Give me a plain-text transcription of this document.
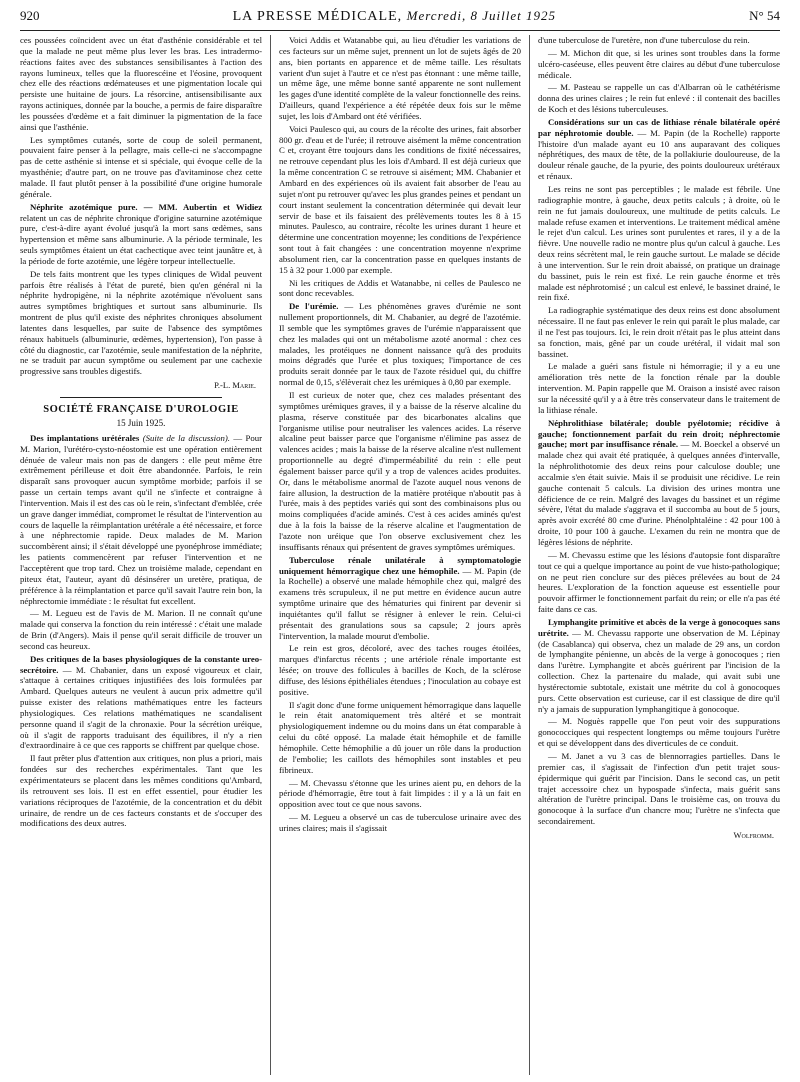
920	LA PRESSE MÉDICALE, Mercredi, 8 Juillet 1925	N° 54

ces poussées coïncident avec un état d'asthénie considérable et tel que la malade ne peut même plus lever les bras. Les intradermo-réactions faites avec des substances sensibilisantes à l'action des rayons lumineux, telles que la fluorescéine et l'éosine, provoquent chez elle des réactions œdémateuses et une pigmentation locale qui persiste une huitaine de jours. La résorcine, antisensibilisante aux rayons actiniques, donnée par la bouche, a permis de faire disparaître les poussées d'œdème et a fait diminuer la pigmentation de la face ainsi que l'asthénie.

Les symptômes cutanés, sorte de coup de soleil permanent, pouvaient faire penser à la pellagre, mais celle-ci ne s'accompagne pas de cette asthénie si intense et si spéciale, qui évoque celle de la myasthénie; d'autre part, on ne trouve pas d'avitaminose chez cette malade. Il faut plutôt penser à la possibilité d'une origine humorale générale.

Néphrite azotémique pure. — MM. Aubertin et Widiez relatent un cas de néphrite chronique d'origine saturnine azotémique pure, c'est-à-dire ayant évolué jusqu'à la mort sans œdèmes, sans hypertension et même sans albuminurie. A la période terminale, les seuls symptômes étaient un état cachectique avec teint jaunâtre et, à la période de forte azotémie, une légère torpeur intellectuelle.

De tels faits montrent que les types cliniques de Widal peuvent parfois être réalisés à l'état de pureté, bien qu'en général ni la néphrite hydropigène, ni la néphrite azotémique n'évoluent sans autres symptômes brightiques et surtout sans albuminurie. Ils montrent de plus qu'il existe des néphrites chroniques absolument latentes dans lesquelles, par suite de l'absence des symptômes rénaux habituels (albuminurie, œdèmes, hypertension), l'on passe à côté du diagnostic, car l'azotémie, seule manifestation de la néphrite, ne se traduit par aucun symptôme ou seulement par une cachexie progressive sans troubles digestifs.

P.-L. Marie.
SOCIÉTÉ FRANÇAISE D'UROLOGIE
15 Juin 1925.

Des implantations urétérales (Suite de la discussion). — Pour M. Marion, l'urétéro-cysto-néostomie est une opération entièrement dénuée de valeur mais non pas de dangers : elle peut même être extrêmement périlleuse et doit être abandonnée. Parfois, le rein disparaît sans provoquer aucun symptôme morbide; parfois il se passe un certain temps avant qu'il ne s'infecte et contraigne à l'intervention. Mais il est des cas où le rein, s'infectant d'emblée, crée un grave danger immédiat, compromet le résultat de l'intervention au cours de laquelle la réimplantation urétérale a été nécessaire, et force à une néphrectomie rapide. Deux malades de M. Marion succombèrent ainsi; il s'était développé une pyonéphrose immédiate; les patients commencèrent par refuser l'intervention et ne l'acceptèrent que trop tard. Chez un troisième malade, cependant en piteux état, l'auteur, ayant dû désinsérer un uretère, pratiqua, de préférence à la réimplantation et parce qu'il savait l'autre rein bon, la néphrectomie immédiate : le résultat fut excellent.

— M. Legueu est de l'avis de M. Marion. Il ne connaît qu'une malade qui conserva la fonction du rein intéressé : c'était une malade de Brin (d'Angers). Mais il pense qu'il serait difficile de trouver un second cas heureux.

Des critiques de la bases physiologiques de la constante ureo-secrétoire. — M. Chabanier, dans un exposé vigoureux et clair, s'attaque à certaines critiques injustifiées des lois formulées par Ambard. Quelques auteurs ne veulent à aucun prix admettre qu'il puisse exister des relations mathématiques entre les facteurs physiologiques. Ces relations mathématiques ne scandalisent personne quand il s'agit de la chronaxie. Pour la sécrétion uréique, où il s'agit de rapports traduisant des équilibres, il n'y a rien d'extraordinaire à ce que ces rapports se chiffrent par quelque chose.

Il faut prêter plus d'attention aux critiques, non plus a priori, mais fondées sur des recherches expérimentales. Tant que les expérimentateurs se placent dans les mêmes conditions qu'Ambard, ils retrouvent ses lois. Il est en effet essentiel, pour étudier les variations réciproques de l'azotémie, de la concentration et du débit urinaire, de rendre un de ces facteurs constants et de s'occuper des modifications des deux autres.

Voici Addis et Watanabbe qui, au lieu d'étudier les variations de ces facteurs sur un même sujet, prennent un lot de sujets âgés de 20 ans, bien portants en apparence et de même taille. Les résultats varient d'un sujet à l'autre et ce n'est pas étonnant : une même taille, un même âge, une même bonne santé apparente ne sont nullement les gages d'une identité complète de la valeur fonctionnelle des reins. D'ailleurs, quand l'expérience a été répétée deux fois sur le même sujet, les lois d'Ambard ont été vérifiées.

Voici Paulesco qui, au cours de la récolte des urines, fait absorber 800 gr. d'eau et de l'urée; il retrouve aisément la même concentration C et, croyant être toujours dans les conditions de fixité nécessaires, ne retrouve cependant plus les lois d'Ambard. Il est déjà curieux que la même concentration C se retrouve si aisément; MM. Chabanier et Ambard en des expériences où ils avaient fait absorber de l'eau au sujet n'ont pu retrouver qu'avec les plus grandes peines et pendant un court instant seulement la concentration déterminée qui devait leur servir de base et ils faisaient des prélèvements toutes les 8 à 15 minutes. Paulesco, au contraire, récolte les urines durant 1 heure et détermine une concentration moyenne; les conditions de l'expérience sont tout à fait changées : une concentration moyenne n'exprime absolument rien, car la concentration passe en quelques instants de 15 à 32 pour 1.000 par exemple.

Ni les critiques de Addis et Watanabbe, ni celles de Paulesco ne sont donc recevables.

De l'urémie. — Les phénomènes graves d'urémie ne sont nullement proportionnels, dit M. Chabanier, au degré de l'azotémie. Il semble que les symptômes graves de l'urémie n'apparaissent que chez les malades qui ont un métabolisme azoté anormal : chez ces malades, les protéiques ne donnent naissance qu'à des produits moins dégradés que l'urée et plus toxiques; l'importance de ces produits serait donnée par le taux de l'azote résiduel qui, du chiffre normal de 0,15, s'élèverait chez les urémiques à 0,80 par exemple.

Il est curieux de noter que, chez ces malades présentant des symptômes urémiques graves, il y a baisse de la réserve alcaline du plasma, réserve constituée par des bicarbonates alcalins que l'organisme utilise pour neutraliser les valences acides. La réserve alcaline peut baisser parce que l'organisme n'élimine pas assez de valences acides ; mais la baisse de la réserve alcaline n'est nullement proportionnelle au degré d'imperméabilité du rein : elle peut également baisser parce qu'il y a trop de valences acides produites. Or, dans le métabolisme anormal de l'azote auquel nous venons de faire allusion, la destruction de la matière protéique n'aboutit pas à l'urée, mais à des peptides variés qui sont des combinaisons plus ou moins compliquées d'acide aminés. C'est à ces acides aminés qu'est due à la fois la baisse de la réserve alcaline et l'augmentation de l'azote non uréique que l'on observe exclusivement chez les insuffisants rénaux qui présentent de graves symptômes urémiques.

Tuberculose rénale unilatérale à symptomatologie uniquement hémorragique chez une hémophile. — M. Papin (de la Rochelle) a observé une malade hémophile chez qui, malgré des examens très scrupuleux, il ne put mettre en évidence aucun autre symptôme urinaire que des hématuries qui finirent par devenir si inquiétantes qu'il fallut se résigner à enlever le rein. Celui-ci présentait des granulations sous sa capsule; 2 jours après l'intervention, la malade mourut d'embolie.

Le rein est gros, décoloré, avec des taches rouges étoilées, marques d'infarctus récents ; une artériole rénale importante est lésée; on trouve des follicules à bacilles de Koch, de la sclérose diffuse, des lésions épithéliales étendues ; l'inoculation au cobaye est positive.

Il s'agit donc d'une forme uniquement hémorragique dans laquelle le rein était anatomiquement très altéré et se montrait physiologiquement indemne ou du moins dans un état comparable à celui du côté opposé. La malade était hémophile et de famille hémophile. Cette hémophilie a dû jouer un rôle dans la production de l'embolie; les caillots des hémophiles sont instables et peu fibrineux.

— M. Chevassu s'étonne que les urines aient pu, en dehors de la période d'hémorragie, être tout à fait limpides : il y a là un fait en opposition avec tout ce que nous savons.

— M. Legueu a observé un cas de tuberculose urinaire avec des urines claires; mais il s'agissait

d'une tuberculose de l'uretère, non d'une tuberculose du rein.

— M. Michon dit que, si les urines sont troubles dans la forme ulcéro-caséeuse, elles peuvent être claires au début d'une tuberculose médicale.

— M. Pasteau se rappelle un cas d'Albarran où le cathétérisme donna des urines claires ; le rein fut enlevé : il contenait des bacilles de Koch et des lésions tuberculeuses.

Considérations sur un cas de lithiase rénale bilatérale opéré par néphrotomie double. — M. Papin (de la Rochelle) rapporte l'histoire d'un malade ayant eu 10 ans auparavant des coliques néphrétiques, des maux de tête, de la pollakiurie douloureuse, de la douleur rénale gauche, de la pyurie, des points douloureux urétéraux et rénaux.

Les reins ne sont pas perceptibles ; le malade est fébrile. Une radiographie montre, à gauche, deux petits calculs ; à droite, où le rein ne fut jamais douloureux, une multitude de petits calculs. Le malade refuse examen et interventions. Le traitement médical amène le rejet d'un calcul. Les urines sont purulentes et rares, il y a de la fièvre. Une nouvelle radio ne montre plus qu'un calcul à gauche. Les deux reins sécrètent mal, le rein gauche surtout. Le malade se décide à une intervention. Sur le rein droit abaissé, on pratique un drainage du bassinet, puis le rein est fixé. Le rein gauche énorme et très malade est néphrotomisé ; un calcul est enlevé, le bassinet drainé, le rein fixé.

La radiographie systématique des deux reins est donc absolument nécessaire. Il ne faut pas enlever le rein qui paraît le plus malade, car il ne l'est pas toujours. Ici, le rein droit n'était pas le plus atteint dans sa fonction, mais, gêné par un coude urétéral, il vidait mal son bassinet.

Le malade a guéri sans fistule ni hémorragie; il y a eu une amélioration très nette de la fonction rénale par la double intervention. M. Papin rappelle que M. Oraison a insisté avec raison sur la nécessité qu'il y a à être très conservateur dans le traitement de la lithiase rénale.

Néphrolithiase bilatérale; double pyélotomie; récidive à gauche; fonctionnement parfait du rein droit; néphrectomie gauche; mort par insuffisance rénale. — M. Boeckel a observé un malade chez qui avait été pratiquée, à quelques années d'intervalle, la néphrolithotomie des deux reins pour calculose double; une accalmie s'en était suivie. Mais il se produisit une récidive. Le rein gauche contenait 5 calculs. La division des urines montra une déficience de ce rein. Malgré des lavages du bassinet et un régime sévère, l'état du malade s'aggrava et il succomba au bout de 5 jours, après avoir excrété 80 cme d'urine. Phénolphtaléine : 42 pour 100 à droite, 10 pour 100 à gauche. L'examen du rein ne montra que de légères lésions de néphrite.

— M. Chevassu estime que les lésions d'autopsie font disparaître tout ce qui a quelque importance au point de vue histo-pathologique; on ne peut rien conclure sur des pièces prélevées au bout de 24 heures. L'exploration de la fonction aqueuse est essentielle pour pouvoir affirmer le fonctionnement parfait du rein; or elle n'a pas été faite dans ce cas.

Lymphangite primitive et abcès de la verge à gonocoques sans urétrite. — M. Chevassu rapporte une observation de M. Lépinay (de Casablanca) qui observa, chez un malade de 29 ans, un cordon de lymphangite pénienne, un abcès de la verge à gonocoques ; rien dans l'urètre. Lymphangite et abcès guérirent par l'incision de la collection. Chez la partenaire du malade, qui avait subi une hystérectomie subtotale, existait une métrite du col à gonocoques purs. Cette observation est curieuse, car il est classique de dire qu'il n'y a jamais de suppuration lymphangitique à gonocoque.

— M. Noguès rappelle que l'on peut voir des suppurations gonococciques qui respectent longtemps ou même toujours l'urètre et qui se développent dans des diverticules de ce conduit.

— M. Janet a vu 3 cas de blennorragies partielles. Dans le premier cas, il s'agissait de l'infection d'un petit trajet sous-épidermique qui guérit par l'incision. Dans le second cas, un petit trajet accessoire chez un hypospade s'infecta, mais guérit sans altération de l'urètre principal. Dans le troisième cas, on trouva du gonocoque à la surface d'un chancre mou; l'urètre ne s'infecta que secondairement.

Wolfromm.
